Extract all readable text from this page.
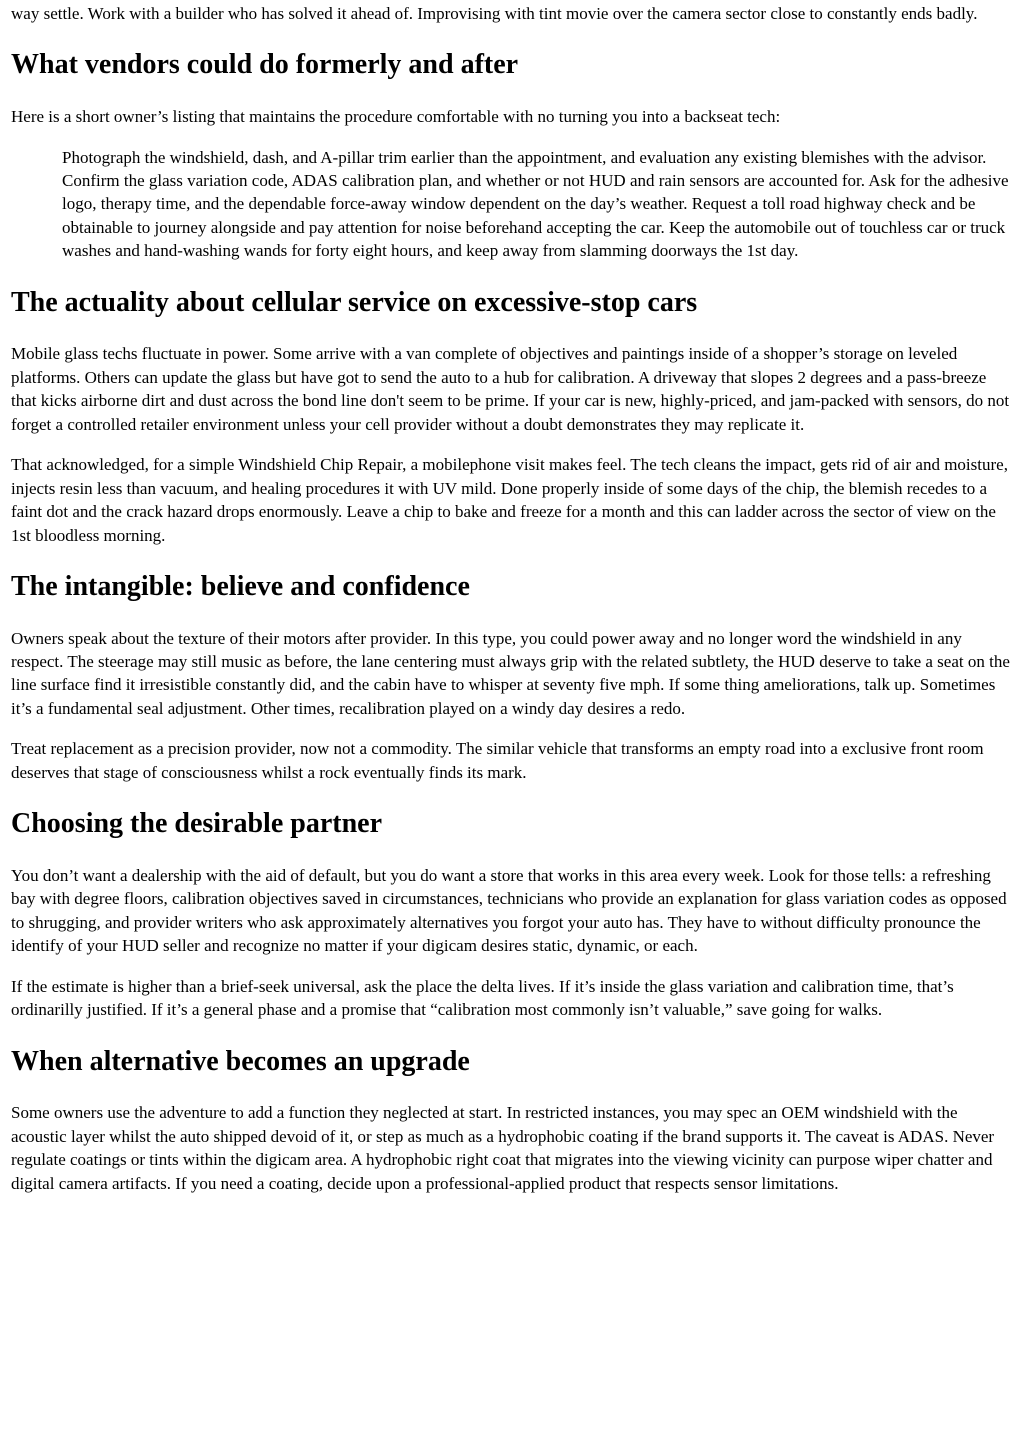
way settle. Work with a builder who has solved it ahead of. Improvising with tint movie over the camera sector close to constantly ends badly.

What vendors could do formerly and after

Here is a short owner’s listing that maintains the procedure comfortable with no turning you into a backseat tech:

Photograph the windshield, dash, and A-pillar trim earlier than the appointment, and evaluation any existing blemishes with the advisor. Confirm the glass variation code, ADAS calibration plan, and whether or not HUD and rain sensors are accounted for. Ask for the adhesive logo, therapy time, and the dependable force-away window dependent on the day’s weather. Request a toll road highway check and be obtainable to journey alongside and pay attention for noise beforehand accepting the car. Keep the automobile out of touchless car or truck washes and hand-washing wands for forty eight hours, and keep away from slamming doorways the 1st day.
The actuality about cellular service on excessive-stop cars

Mobile glass techs fluctuate in power. Some arrive with a van complete of objectives and paintings inside of a shopper’s storage on leveled platforms. Others can update the glass but have got to send the auto to a hub for calibration. A driveway that slopes 2 degrees and a pass-breeze that kicks airborne dirt and dust across the bond line don't seem to be prime. If your car is new, highly-priced, and jam-packed with sensors, do not forget a controlled retailer environment unless your cell provider without a doubt demonstrates they may replicate it.

That acknowledged, for a simple Windshield Chip Repair, a mobilephone visit makes feel. The tech cleans the impact, gets rid of air and moisture, injects resin less than vacuum, and healing procedures it with UV mild. Done properly inside of some days of the chip, the blemish recedes to a faint dot and the crack hazard drops enormously. Leave a chip to bake and freeze for a month and this can ladder across the sector of view on the 1st bloodless morning.

The intangible: believe and confidence

Owners speak about the texture of their motors after provider. In this type, you could power away and no longer word the windshield in any respect. The steerage may still music as before, the lane centering must always grip with the related subtlety, the HUD deserve to take a seat on the line surface find it irresistible constantly did, and the cabin have to whisper at seventy five mph. If some thing ameliorations, talk up. Sometimes it’s a fundamental seal adjustment. Other times, recalibration played on a windy day desires a redo.

Treat replacement as a precision provider, now not a commodity. The similar vehicle that transforms an empty road into a exclusive front room deserves that stage of consciousness whilst a rock eventually finds its mark.

Choosing the desirable partner

You don’t want a dealership with the aid of default, but you do want a store that works in this area every week. Look for those tells: a refreshing bay with degree floors, calibration objectives saved in circumstances, technicians who provide an explanation for glass variation codes as opposed to shrugging, and provider writers who ask approximately alternatives you forgot your auto has. They have to without difficulty pronounce the identify of your HUD seller and recognize no matter if your digicam desires static, dynamic, or each.

If the estimate is higher than a brief-seek universal, ask the place the delta lives. If it’s inside the glass variation and calibration time, that’s ordinarilly justified. If it’s a general phase and a promise that “calibration most commonly isn’t valuable,” save going for walks.

When alternative becomes an upgrade

Some owners use the adventure to add a function they neglected at start. In restricted instances, you may spec an OEM windshield with the acoustic layer whilst the auto shipped devoid of it, or step as much as a hydrophobic coating if the brand supports it. The caveat is ADAS. Never regulate coatings or tints within the digicam area. A hydrophobic right coat that migrates into the viewing vicinity can purpose wiper chatter and digital camera artifacts. If you need a coating, decide upon a professional-applied product that respects sensor limitations.
